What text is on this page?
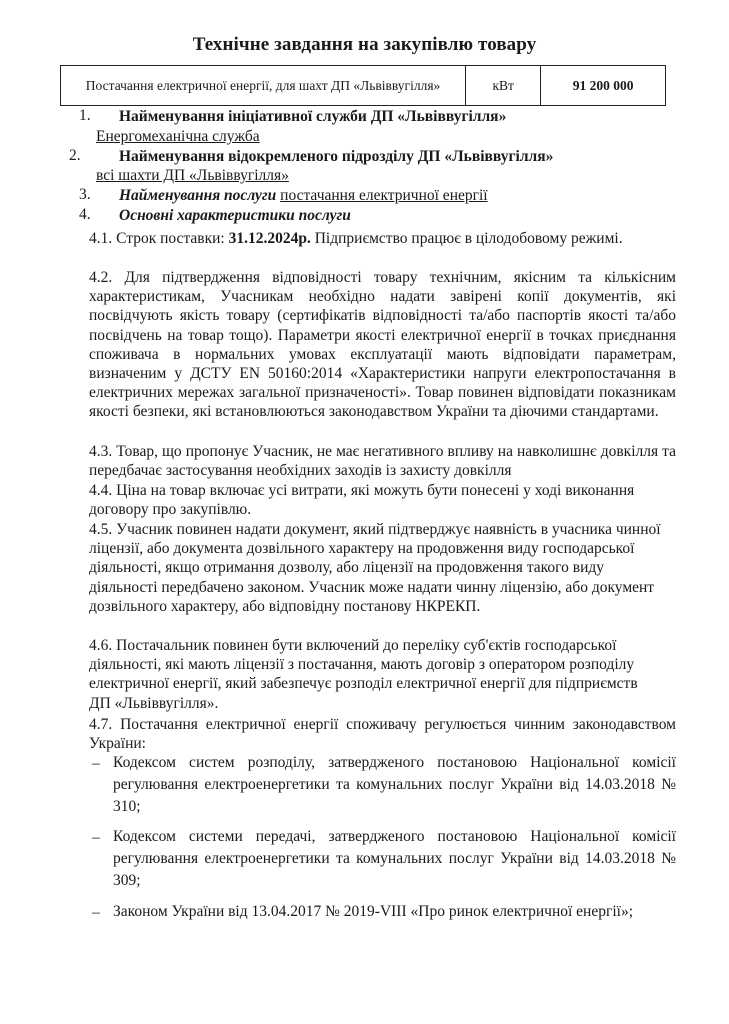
Технічне завдання на закупівлю товару
Постачання електричної енергії, для шахт ДП «Львіввугілля»	кВт	91 200 000
1. Найменування ініціативної служби ДП «Львіввугілля»
Енергомеханічна служба
2. Найменування відокремленого підрозділу ДП «Львіввугілля»
всі шахти ДП «Львіввугілля»
3. Найменування послуги постачання електричної енергії
4. Основні характеристики послуги

4.1. Строк поставки: 31.12.2024р. Підприємство працює в цілодобовому режимі.

4.2. Для підтвердження відповідності товару технічним, якісним та кількісним характеристикам, Учасникам необхідно надати завірені копії документів, які посвідчують якість товару (сертифікатів відповідності та/або паспортів якості та/або посвідчень на товар тощо). Параметри якості електричної енергії в точках приєднання споживача в нормальних умовах експлуатації мають відповідати параметрам, визначеним у ДСТУ EN 50160:2014 «Характеристики напруги електропостачання в електричних мережах загальної призначеності». Товар повинен відповідати показникам якості безпеки, які встановлюються законодавством України та діючими стандартами.

4.3. Товар, що пропонує Учасник, не має негативного впливу на навколишнє довкілля та передбачає застосування необхідних заходів із захисту довкілля

4.4. Ціна на товар включає усі витрати, які можуть бути понесені у ході виконання договору про закупівлю.

4.5. Учасник повинен надати документ, який підтверджує наявність в учасника чинної ліцензії, або документа дозвільного характеру на продовження виду господарської діяльності, якщо отримання дозволу, або ліцензії на продовження такого виду діяльності передбачено законом. Учасник може надати чинну ліцензію, або документ дозвільного характеру, або відповідну постанову НКРЕКП.

4.6. Постачальник повинен бути включений до переліку суб'єктів господарської діяльності, які мають ліцензії з постачання, мають договір з оператором розподілу електричної енергії, який забезпечує розподіл електричної енергії для підприємств ДП «Львіввугілля».

4.7. Постачання електричної енергії споживачу регулюється чинним законодавством України:

– Кодексом систем розподілу, затвердженого постановою Національної комісії регулювання електроенергетики та комунальних послуг України від 14.03.2018 № 310;

– Кодексом системи передачі, затвердженого постановою Національної комісії регулювання електроенергетики та комунальних послуг України від 14.03.2018 № 309;

– Законом України від 13.04.2017 № 2019-VIII «Про ринок електричної енергії»;
